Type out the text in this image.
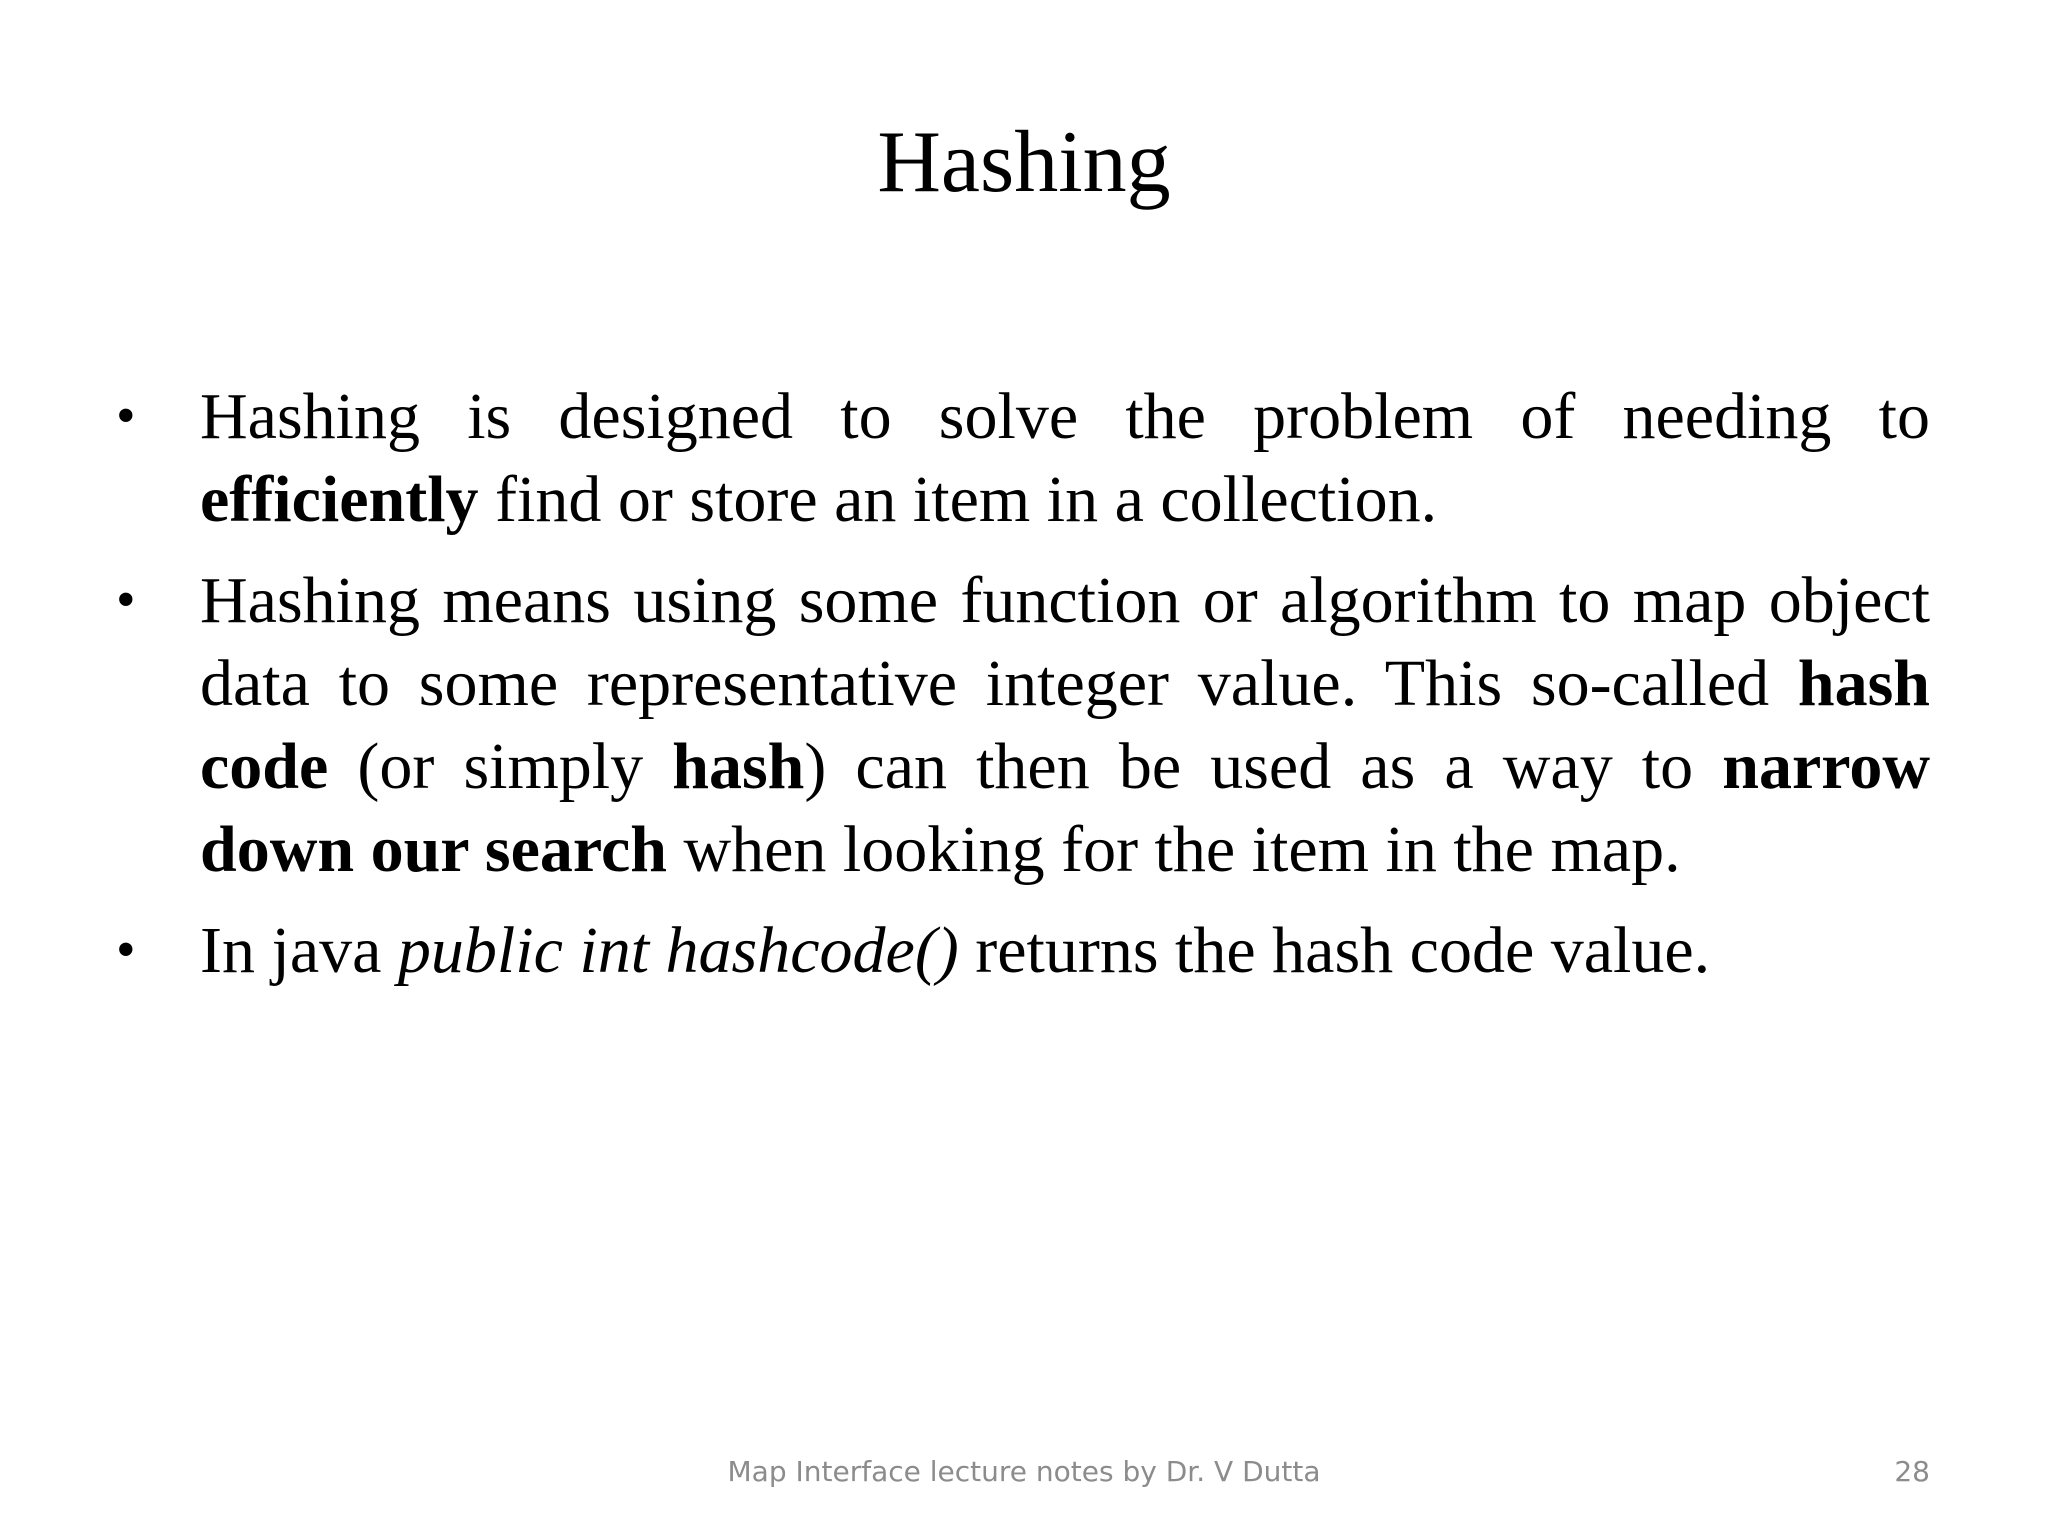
Hashing
• Hashing is designed to solve the problem of needing to efficiently find or store an item in a collection.
• Hashing means using some function or algorithm to map object data to some representative integer value. This so-called hash code (or simply hash) can then be used as a way to narrow down our search when looking for the item in the map.
• In java public int hashcode() returns the hash code value.
Map Interface lecture notes by Dr. V Dutta	28
